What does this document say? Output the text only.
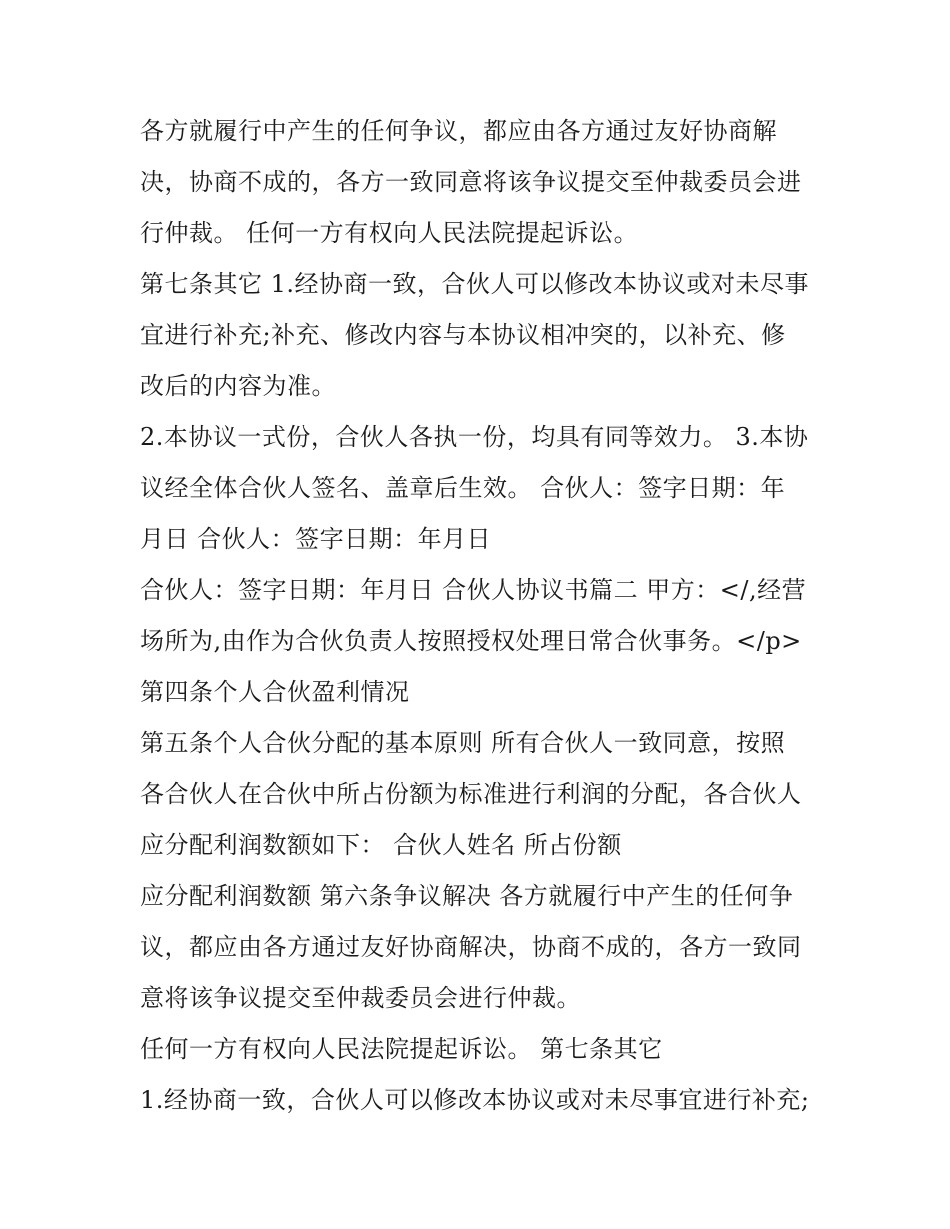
各方就履行中产生的任何争议，都应由各方通过友好协商解
决，协商不成的，各方一致同意将该争议提交至仲裁委员会进
行仲裁。 任何一方有权向人民法院提起诉讼。
第七条其它 1.经协商一致，合伙人可以修改本协议或对未尽事
宜进行补充;补充、修改内容与本协议相冲突的，以补充、修
改后的内容为准。
2.本协议一式份，合伙人各执一份，均具有同等效力。 3.本协
议经全体合伙人签名、盖章后生效。 合伙人：签字日期：年
月日 合伙人：签字日期：年月日
合伙人：签字日期：年月日 合伙人协议书篇二 甲方：</,经营
场所为,由作为合伙负责人按照授权处理日常合伙事务。</p>
第四条个人合伙盈利情况
第五条个人合伙分配的基本原则 所有合伙人一致同意，按照
各合伙人在合伙中所占份额为标准进行利润的分配，各合伙人
应分配利润数额如下： 合伙人姓名 所占份额
应分配利润数额 第六条争议解决 各方就履行中产生的任何争
议，都应由各方通过友好协商解决，协商不成的，各方一致同
意将该争议提交至仲裁委员会进行仲裁。
任何一方有权向人民法院提起诉讼。 第七条其它
1.经协商一致，合伙人可以修改本协议或对未尽事宜进行补充;
